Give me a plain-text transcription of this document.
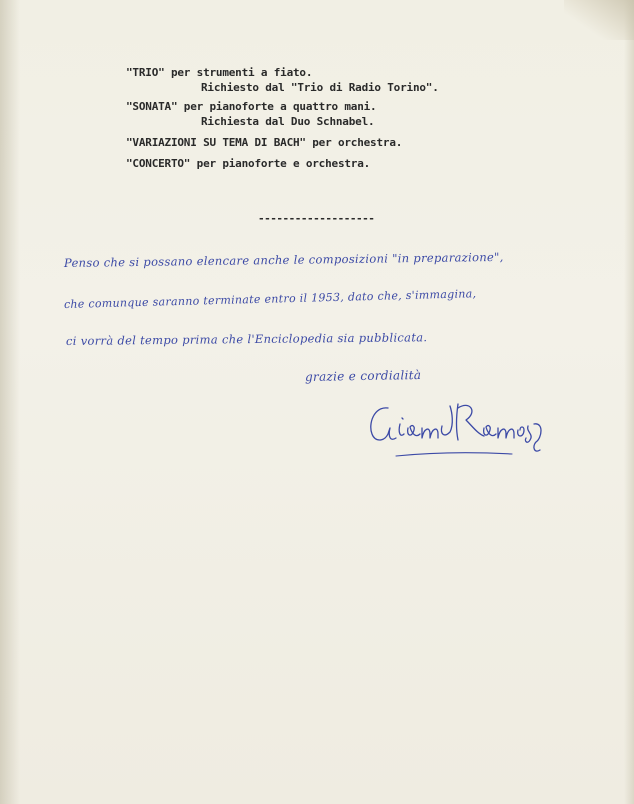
"TRIO" per strumenti a fiato.

Richiesto dal "Trio di Radio Torino".

"SONATA" per pianoforte a quattro mani.

Richiesta dal Duo Schnabel.

"VARIAZIONI SU TEMA DI BACH" per orchestra.

"CONCERTO" per pianoforte e orchestra.

-------------------

Penso che si possano elencare anche le composizioni "in preparazione",

che comunque saranno terminate entro il 1953, dato che, s'immagina,

ci vorrà del tempo prima che l'Enciclopedia sia pubblicata.

grazie e cordialità
